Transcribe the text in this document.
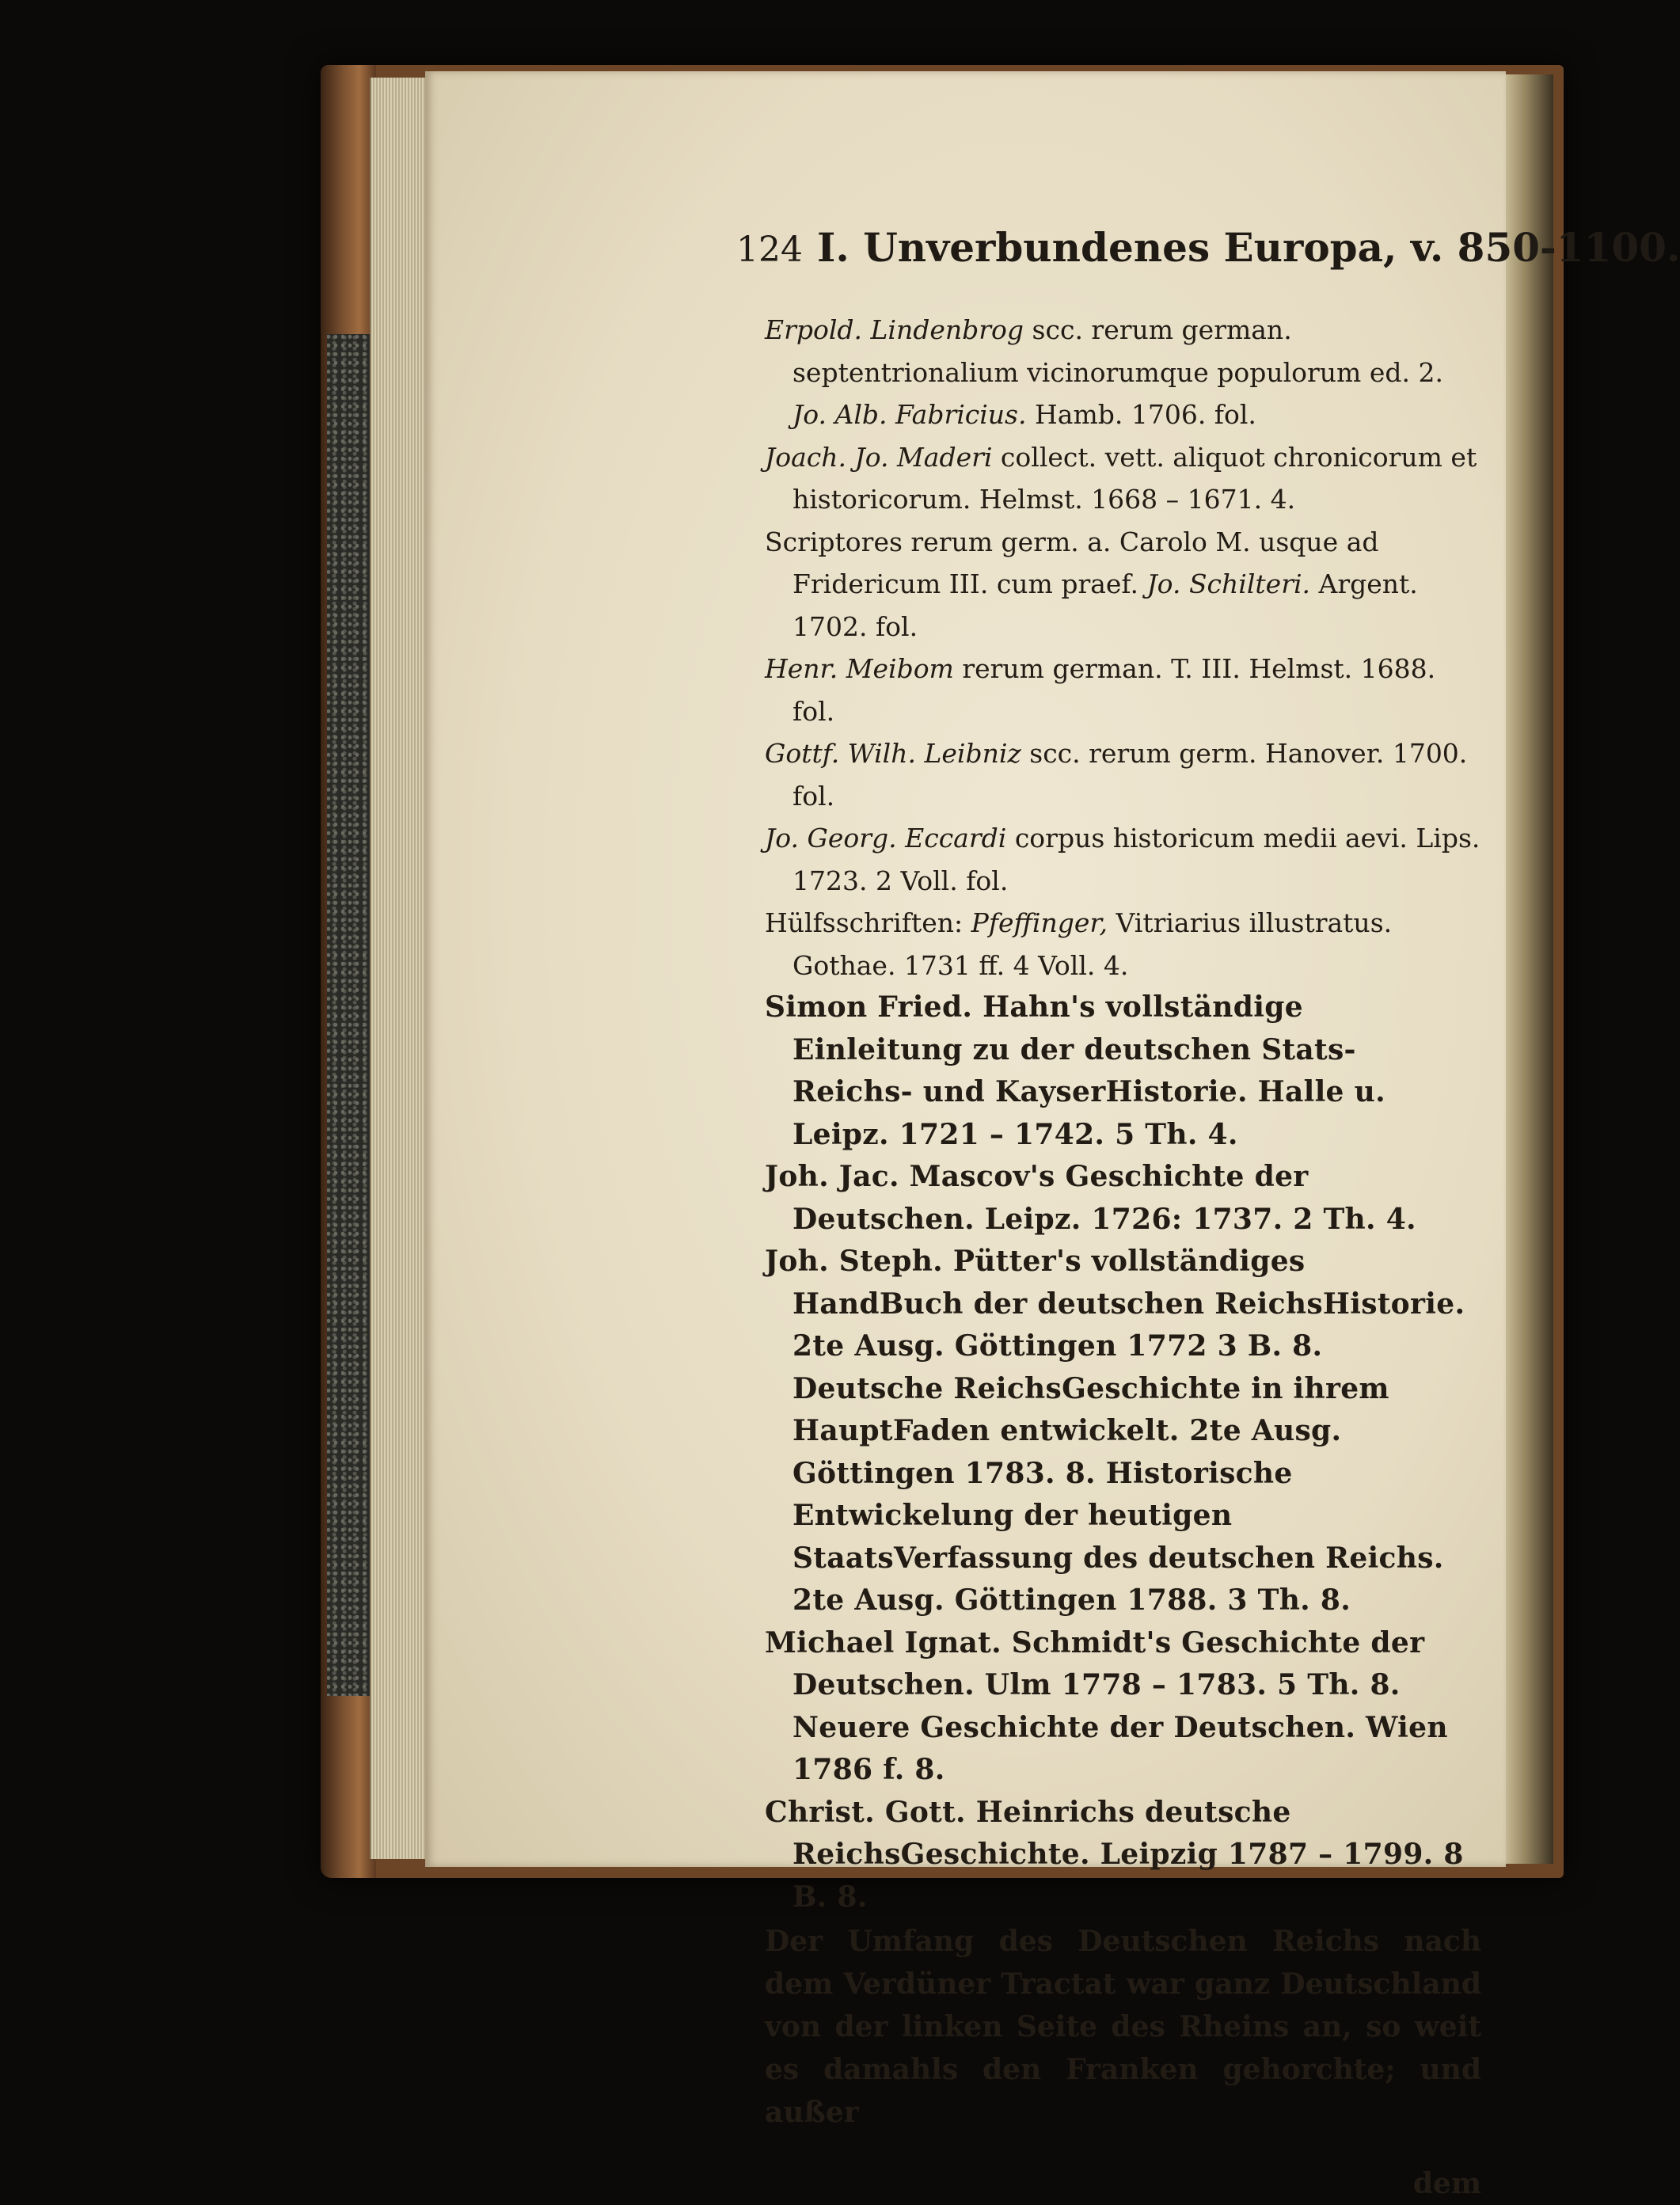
124 I. Unverbundenes Europa, v. 850-1100.

Erpold. Lindenbrog scc. rerum german. septentrionalium vicinorumque populorum ed. 2. Jo. Alb. Fabricius. Hamb. 1706. fol.

Joach. Jo. Maderi collect. vett. aliquot chronicorum et historicorum. Helmst. 1668 – 1671. 4.

Scriptores rerum germ. a. Carolo M. usque ad Fridericum III. cum praef. Jo. Schilteri. Argent. 1702. fol.

Henr. Meibom rerum german. T. III. Helmst. 1688. fol.

Gottf. Wilh. Leibniz scc. rerum germ. Hanover. 1700. fol.

Jo. Georg. Eccardi corpus historicum medii aevi. Lips. 1723. 2 Voll. fol.

Hülfsschriften: Pfeffinger, Vitriarius illustratus. Gothae. 1731 ff. 4 Voll. 4.

Simon Fried. Hahn's vollständige Einleitung zu der deutschen Stats- Reichs- und KayserHistorie. Halle u. Leipz. 1721 – 1742. 5 Th. 4.

Joh. Jac. Mascov's Geschichte der Deutschen. Leipz. 1726: 1737. 2 Th. 4.

Joh. Steph. Pütter's vollständiges HandBuch der deutschen ReichsHistorie. 2te Ausg. Göttingen 1772 3 B. 8. Deutsche ReichsGeschichte in ihrem HauptFaden entwickelt. 2te Ausg. Göttingen 1783. 8. Historische Entwickelung der heutigen StaatsVerfassung des deutschen Reichs. 2te Ausg. Göttingen 1788. 3 Th. 8.

Michael Ignat. Schmidt's Geschichte der Deutschen. Ulm 1778 – 1783. 5 Th. 8. Neuere Geschichte der Deutschen. Wien 1786 f. 8.

Christ. Gott. Heinrichs deutsche ReichsGeschichte. Leipzig 1787 – 1799. 8 B. 8.

Der Umfang des Deutschen Reichs nach dem Verdüner Tractat war ganz Deutschland von der linken Seite des Rheins an, so weit es damahls den Franken gehorchte; und außer

dem
